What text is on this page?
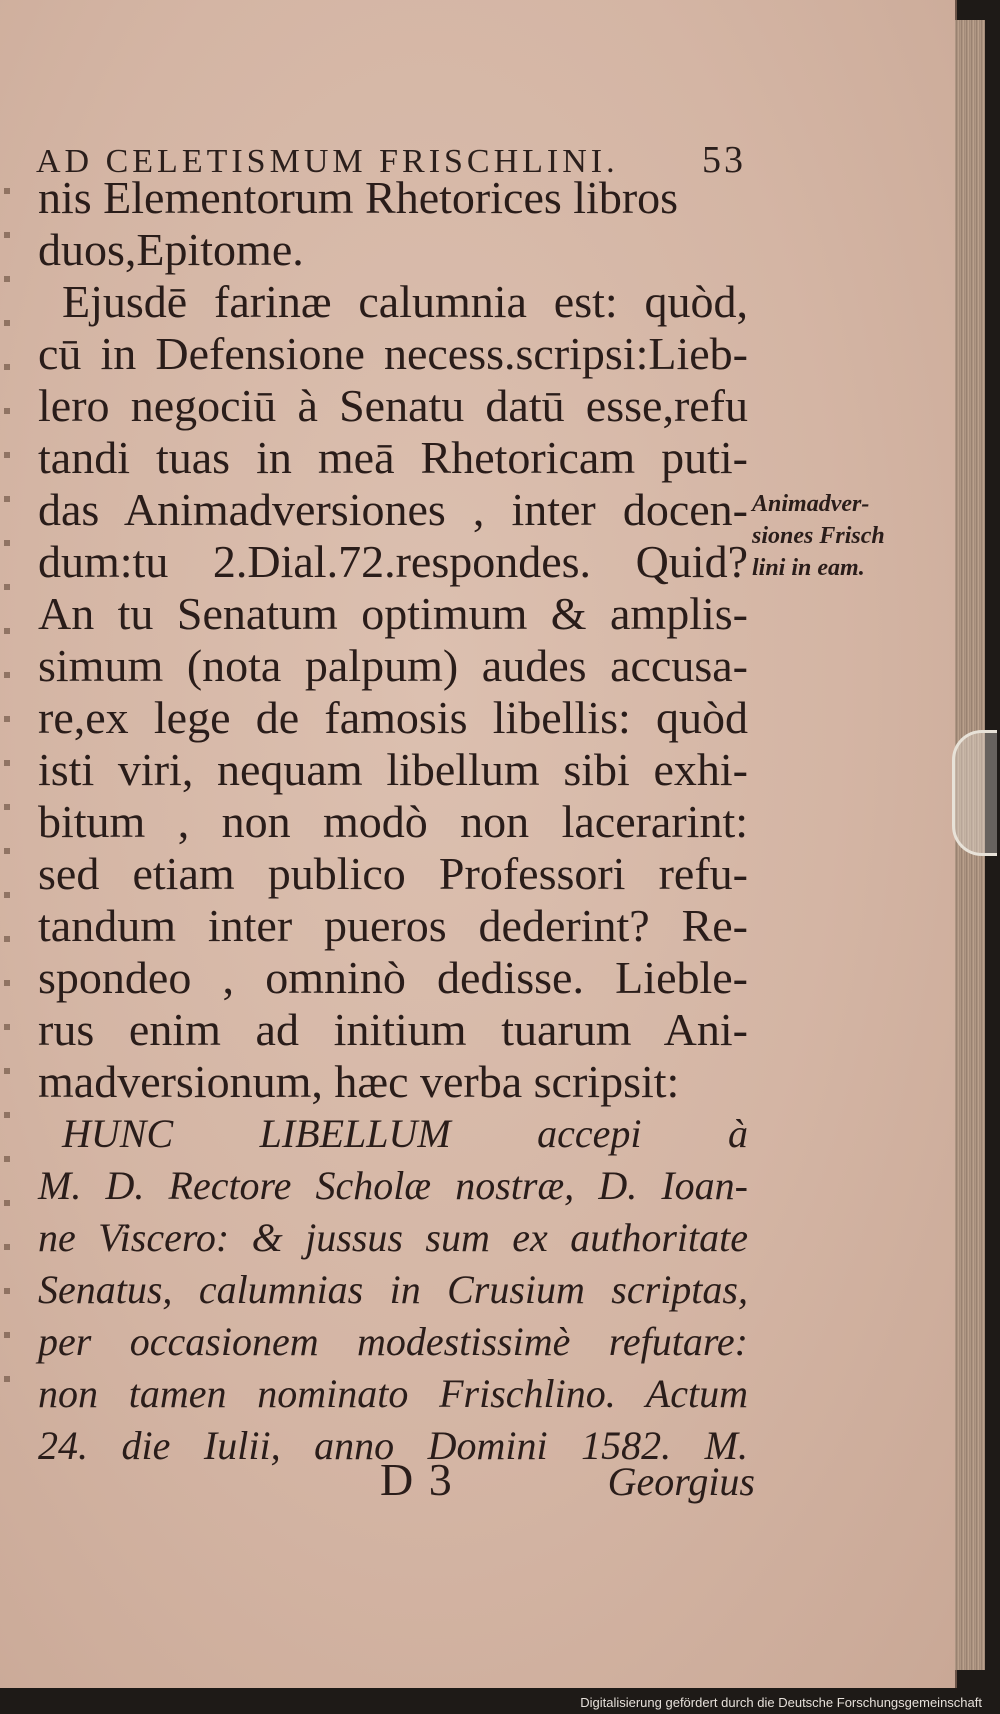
AD CELETISMUM FRISCHLINI. 53
nis Elementorum Rhetorices libros
duos,Epitome.
Ejusdē farinæ calumnia est: quòd,
cū in Defensione necess.scripsi:Lieb-
lero negociū à Senatu datū esse,refu
tandi tuas in meā Rhetoricam puti-
das Animadversiones , inter docen-
dum:tu 2.Dial.72.respondes. Quid?
An tu Senatum optimum & amplis-
simum (nota palpum) audes accusa-
re,ex lege de famosis libellis: quòd
isti viri, nequam libellum sibi exhi-
bitum , non modò non lacerarint:
sed etiam publico Professori refu-
tandum inter pueros dederint? Re-
spondeo , omninò dedisse. Lieble-
rus enim ad initium tuarum Ani-
madversionum, hæc verba scripsit:
HUNC LIBELLUM accepi à
M. D. Rectore Scholæ nostræ, D. Ioan-
ne Viscero: & jussus sum ex authoritate
Senatus, calumnias in Crusium scriptas,
per occasionem modestissimè refutare:
non tamen nominato Frischlino. Actum
24. die Iulii, anno Domini 1582. M.
Animadver-
siones Frisch
lini in eam.
D 3	Georgius
Digitalisierung gefördert durch die Deutsche Forschungsgemeinschaft
